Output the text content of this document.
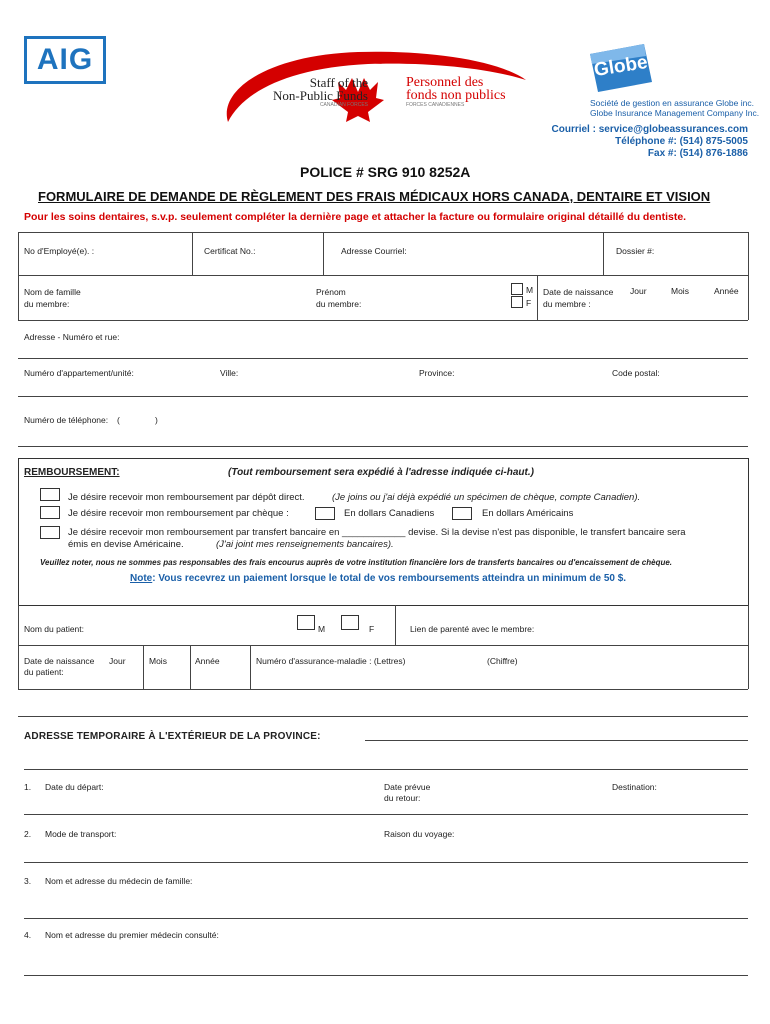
AIG
Staff of the
Non-Public Funds
CANADIAN FORCES
Personnel des
fonds non publics
FORCES CANADIENNES
Globe
Société de gestion en assurance Globe inc.
Globe Insurance Management Company Inc.
Courriel : service@globeassurances.com
Téléphone #: (514) 875-5005
Fax #: (514) 876-1886
POLICE # SRG 910 8252A
FORMULAIRE DE DEMANDE DE RÈGLEMENT DES FRAIS MÉDICAUX HORS CANADA, DENTAIRE ET VISION
Pour les soins dentaires, s.v.p. seulement compléter la dernière page et attacher la facture ou formulaire original détaillé du dentiste.
No d'Employé(e). :	Certificat No.:	Adresse Courriel:	Dossier #:
Nom de famille
du membre:
Prénom
du membre:
M
F
Date de naissance
du membre :
Jour	Mois	Année
Adresse - Numéro et rue:
Numéro d'appartement/unité:	Ville:	Province:	Code postal:
Numéro de téléphone: (	)
REMBOURSEMENT:	(Tout remboursement sera expédié à l'adresse indiquée ci-haut.)
Je désire recevoir mon remboursement par dépôt direct.	(Je joins ou j'ai déjà expédié un spécimen de chèque, compte Canadien).
Je désire recevoir mon remboursement par chèque :	En dollars Canadiens	En dollars Américains
Je désire recevoir mon remboursement par transfert bancaire en ____________ devise. Si la devise n'est pas disponible, le transfert bancaire sera
émis en devise Américaine.	(J'ai joint mes renseignements bancaires).
Veuillez noter, nous ne sommes pas responsables des frais encourus auprès de votre institution financière lors de transferts bancaires ou d'encaissement de chèque.
Note: Vous recevrez un paiement lorsque le total de vos remboursements atteindra un minimum de 50 $.
Nom du patient:	M	F	Lien de parenté avec le membre:
Date de naissance
du patient:
Jour	Mois	Année	Numéro d'assurance-maladie : (Lettres)	(Chiffre)
ADRESSE TEMPORAIRE À L'EXTÉRIEUR DE LA PROVINCE:
1. Date du départ:	Date prévue
du retour:
Destination:
2. Mode de transport:	Raison du voyage:
3. Nom et adresse du médecin de famille:
4. Nom et adresse du premier médecin consulté:
